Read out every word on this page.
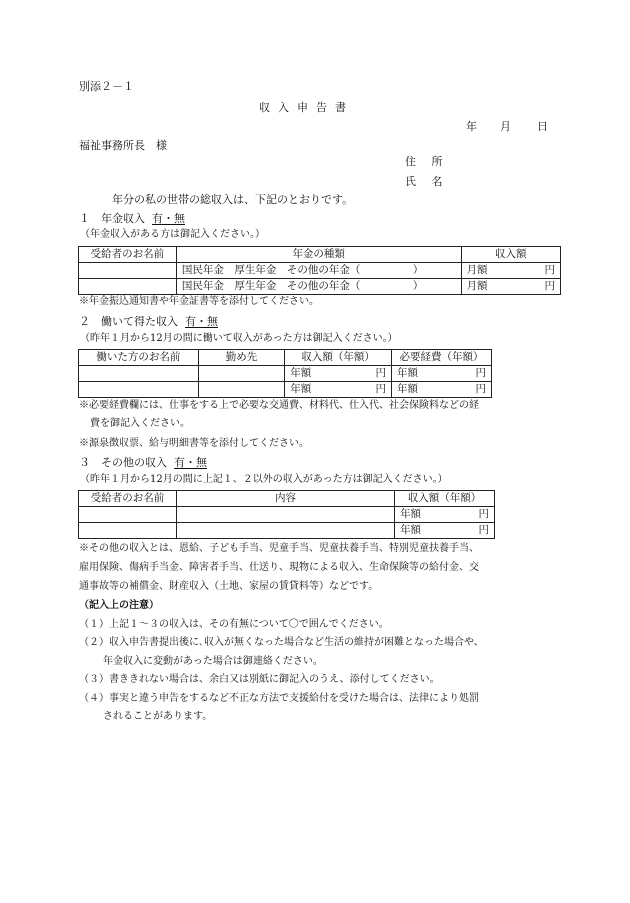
別添２－１
収入申告書
年 月 日
福祉事務所長　様
住 所
氏 名
年分の私の世帯の総収入は、下記のとおりです。
１　年金収入 有・無
（年金収入がある方は御記入ください。）
受給者のお名前	年金の種類	収入額
	国民年金　厚生年金　その他の年金（　　　　　）	月額 円

	国民年金　厚生年金　その他の年金（　　　　　）	月額 円
※年金振込通知書や年金証書等を添付してください。
２　働いて得た収入 有・無
（昨年１月から12月の間に働いて収入があった方は御記入ください。）
働いた方のお名前	勤め先	収入額（年額）	必要経費（年額）

		年額 円	年額 円

		年額 円	年額 円
※必要経費欄には、仕事をする上で必要な交通費、材料代、仕入代、社会保険料などの経
費を御記入ください。
※源泉徴収票、給与明細書等を添付してください。
３　その他の収入 有・無
（昨年１月から12月の間に上記１、２以外の収入があった方は御記入ください。）
受給者のお名前	内容	収入額（年額）

		年額 円

		年額 円
※その他の収入とは、恩給、子ども手当、児童手当、児童扶養手当、特別児童扶養手当、
雇用保険、傷病手当金、障害者手当、仕送り、現物による収入、生命保険等の給付金、交
通事故等の補償金、財産収入（土地、家屋の賃貸料等）などです。
（記入上の注意）
（１）上記１～３の収入は、その有無について〇で囲んでください。
（２）収入申告書提出後に､収入が無くなった場合など生活の維持が困難となった場合や、
年金収入に変動があった場合は御連絡ください。
（３）書ききれない場合は、余白又は別紙に御記入のうえ、添付してください。
（４）事実と違う申告をするなど不正な方法で支援給付を受けた場合は、法律により処罰
されることがあります。
